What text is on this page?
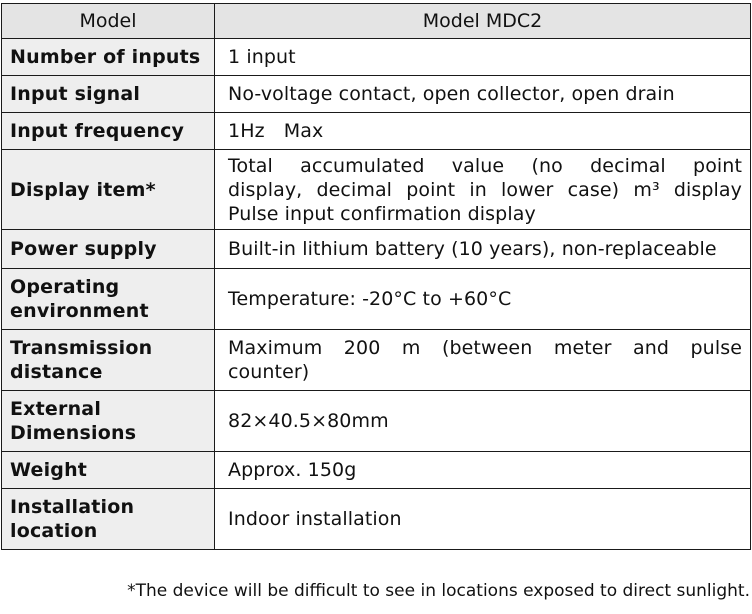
Model	Model MDC2
Number of inputs	1 input

Input signal	No-voltage contact, open collector, open drain

Input frequency	1Hz　Max

Display item*	Total accumulated value (no decimal point
display, decimal point in lower case) m³ display
Pulse input confirmation display

Power supply	Built-in lithium battery (10 years), non-replaceable

Operating
environment	Temperature: -20°C to +60°C

Transmission
distance	Maximum 200 m (between meter and pulse
counter)

External
Dimensions	82×40.5×80mm

Weight	Approx. 150g

Installation
location	Indoor installation
*The device will be difficult to see in locations exposed to direct sunlight.
